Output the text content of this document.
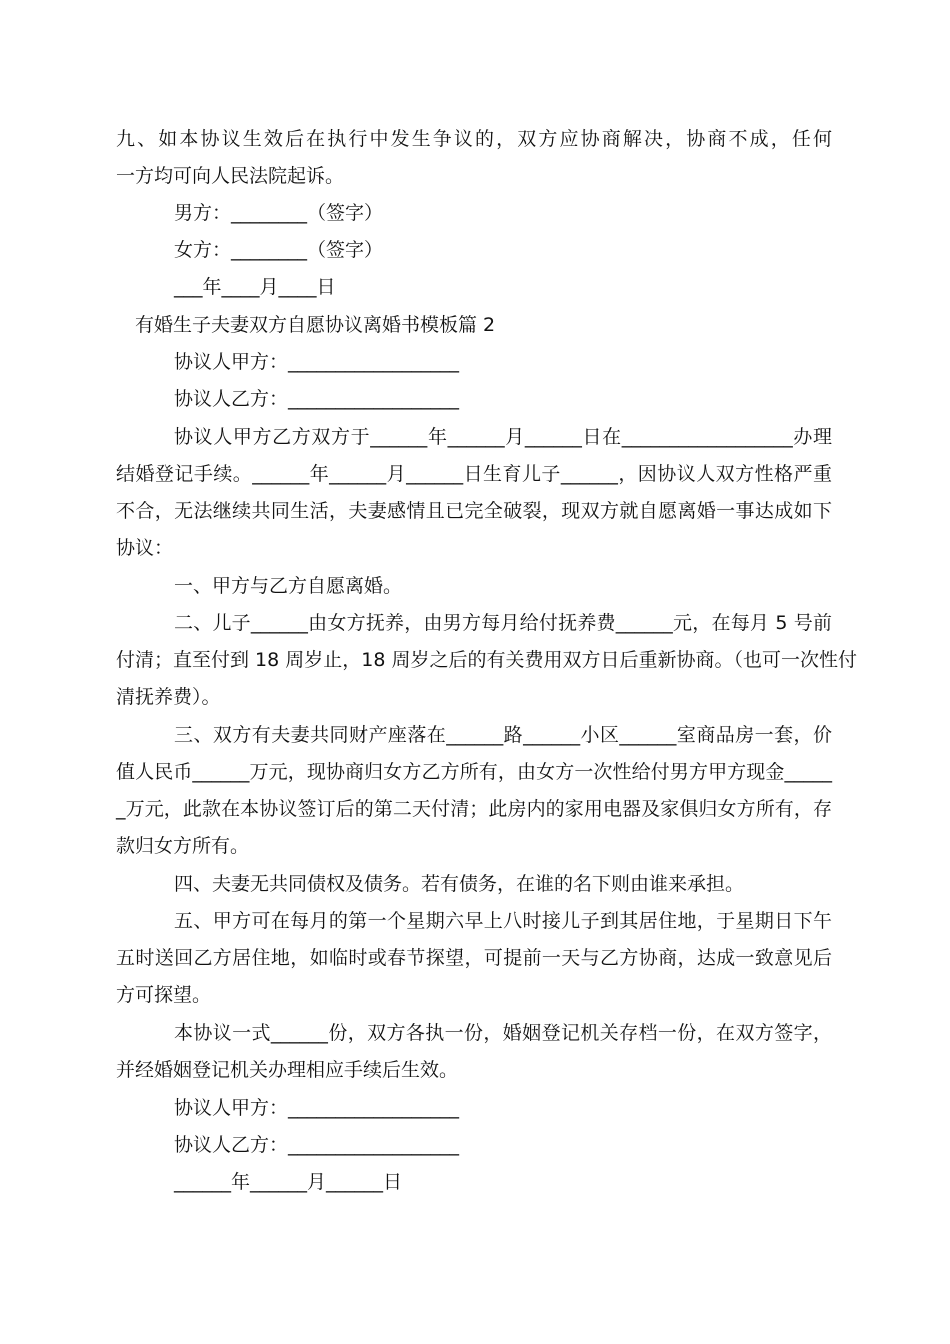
九、如本协议生效后在执行中发生争议的，双方应协商解决，协商不成，任何
一方均可向人民法院起诉。
男方：________（签字）
女方：________（签字）
___年____月____日
有婚生子夫妻双方自愿协议离婚书模板篇 2
协议人甲方：__________________
协议人乙方：__________________
协议人甲方乙方双方于______年______月______日在__________________办理
结婚登记手续。______年______月______日生育儿子______，因协议人双方性格严重
不合，无法继续共同生活，夫妻感情且已完全破裂，现双方就自愿离婚一事达成如下
协议：
一、甲方与乙方自愿离婚。
二、儿子______由女方抚养，由男方每月给付抚养费______元，在每月 5 号前
付清；直至付到 18 周岁止，18 周岁之后的有关费用双方日后重新协商。（也可一次性付
清抚养费）。
三、双方有夫妻共同财产座落在______路______小区______室商品房一套，价
值人民币______万元，现协商归女方乙方所有，由女方一次性给付男方甲方现金_____
_万元，此款在本协议签订后的第二天付清；此房内的家用电器及家俱归女方所有，存
款归女方所有。
四、夫妻无共同债权及债务。若有债务，在谁的名下则由谁来承担。
五、甲方可在每月的第一个星期六早上八时接儿子到其居住地，于星期日下午
五时送回乙方居住地，如临时或春节探望，可提前一天与乙方协商，达成一致意见后
方可探望。
本协议一式______份，双方各执一份，婚姻登记机关存档一份，在双方签字，
并经婚姻登记机关办理相应手续后生效。
协议人甲方：__________________
协议人乙方：__________________
______年______月______日
